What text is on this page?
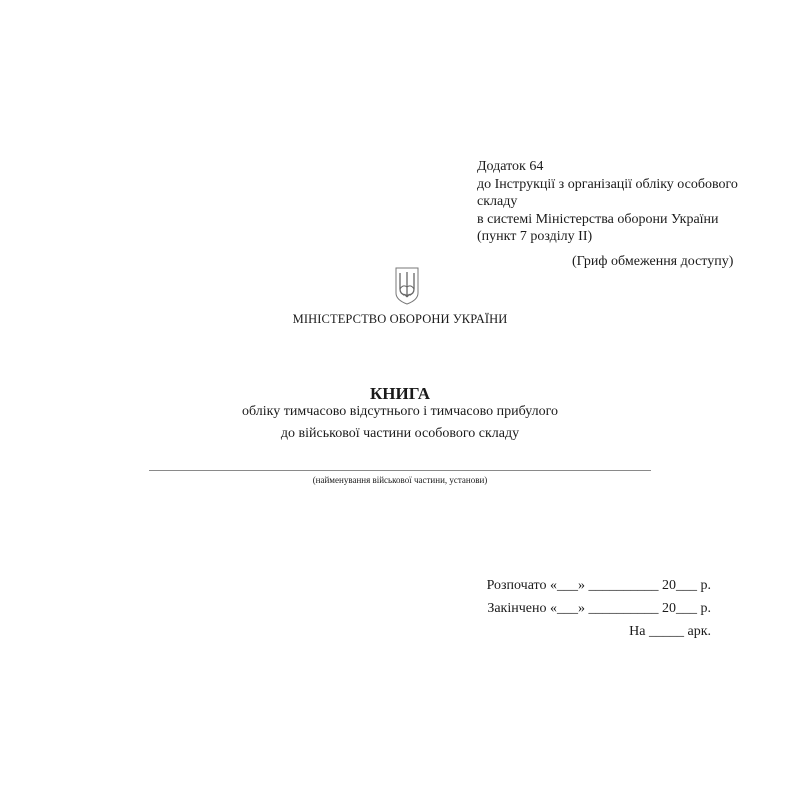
Додаток 64
до Інструкції з організації обліку особового
складу
в системі Міністерства оборони України
(пункт 7 розділу ІІ)
(Гриф обмеження доступу)
МІНІСТЕРСТВО ОБОРОНИ УКРАЇНИ
КНИГА
обліку тимчасово відсутнього і тимчасово прибулого
до військової частини особового складу
(найменування військової частини, установи)
Розпочато «___» __________ 20___ р.
Закінчено «___» __________ 20___ р.
На _____ арк.
